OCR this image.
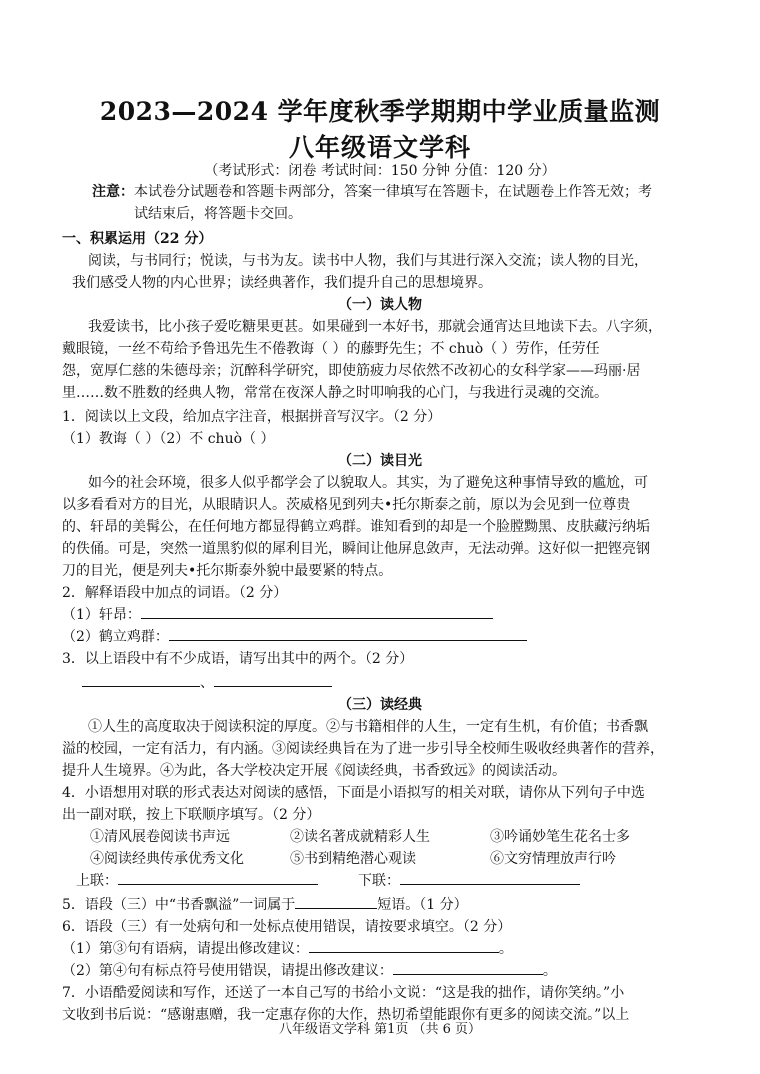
2023—2024 学年度秋季学期期中学业质量监测
八年级语文学科
（考试形式：闭卷 考试时间：150 分钟 分值：120 分）
注意：本试卷分试题卷和答题卡两部分，答案一律填写在答题卡，在试题卷上作答无效；考
试结束后，将答题卡交回。
一、积累运用（22 分）
阅读，与书同行；悦读，与书为友。读书中人物，我们与其进行深入交流；读人物的目光，
我们感受人物的内心世界；读经典著作，我们提升自己的思想境界。
（一）读人物
我爱读书，比小孩子爱吃糖果更甚。如果碰到一本好书，那就会通宵达旦地读下去。八字须，
戴眼镜，一丝不苟给予鲁迅先生不倦教诲（ ）的藤野先生；不 chuò（ ）劳作，任劳任
怨，宽厚仁慈的朱德母亲；沉醉科学研究，即使筋疲力尽依然不改初心的女科学家——玛丽·居
里……数不胜数的经典人物，常常在夜深人静之时叩响我的心门，与我进行灵魂的交流。
1．阅读以上文段，给加点字注音，根据拼音写汉字。（2 分）
（1）教诲（ ）（2）不 chuò（ ）
（二）读目光
如今的社会环境，很多人似乎都学会了以貌取人。其实，为了避免这种事情导致的尴尬，可
以多看看对方的目光，从眼睛识人。茨威格见到列夫•托尔斯泰之前，原以为会见到一位尊贵
的、轩昂的美髯公，在任何地方都显得鹤立鸡群。谁知看到的却是一个脸膛黝黑、皮肤藏污纳垢
的佚俑。可是，突然一道黑豹似的犀利目光，瞬间让他屏息敛声，无法动弹。这好似一把铿亮钢
刀的目光，便是列夫•托尔斯泰外貌中最要紧的特点。
2．解释语段中加点的词语。（2 分）
（1）轩昂：
（2）鹤立鸡群：
3．以上语段中有不少成语，请写出其中的两个。（2 分）
、
（三）读经典
①人生的高度取决于阅读积淀的厚度。②与书籍相伴的人生，一定有生机，有价值；书香飘
溢的校园，一定有活力，有内涵。③阅读经典旨在为了进一步引导全校师生吸收经典著作的营养，
提升人生境界。④为此，各大学校决定开展《阅读经典，书香致远》的阅读活动。
4．小语想用对联的形式表达对阅读的感悟，下面是小语拟写的相关对联，请你从下列句子中选
出一副对联，按上下联顺序填写。（2 分）
①清风展卷阅读书声远	②读名著成就精彩人生	③吟诵妙笔生花名士多
④阅读经典传承优秀文化	⑤书到精绝潜心观读	⑥文穷情理放声行吟
上联：	下联：
5．语段（三）中“书香飘溢”一词属于	短语。（1 分）
6．语段（三）有一处病句和一处标点使用错误，请按要求填空。（2 分）
（1）第③句有语病，请提出修改建议：	。
（2）第④句有标点符号使用错误，请提出修改建议：	。
7．小语酷爱阅读和写作，还送了一本自己写的书给小文说：“这是我的拙作，请你笑纳。”小
文收到书后说：“感谢惠赠，我一定惠存你的大作，热切希望能跟你有更多的阅读交流。”以上
八年级语文学科 第1页 （共 6 页）
